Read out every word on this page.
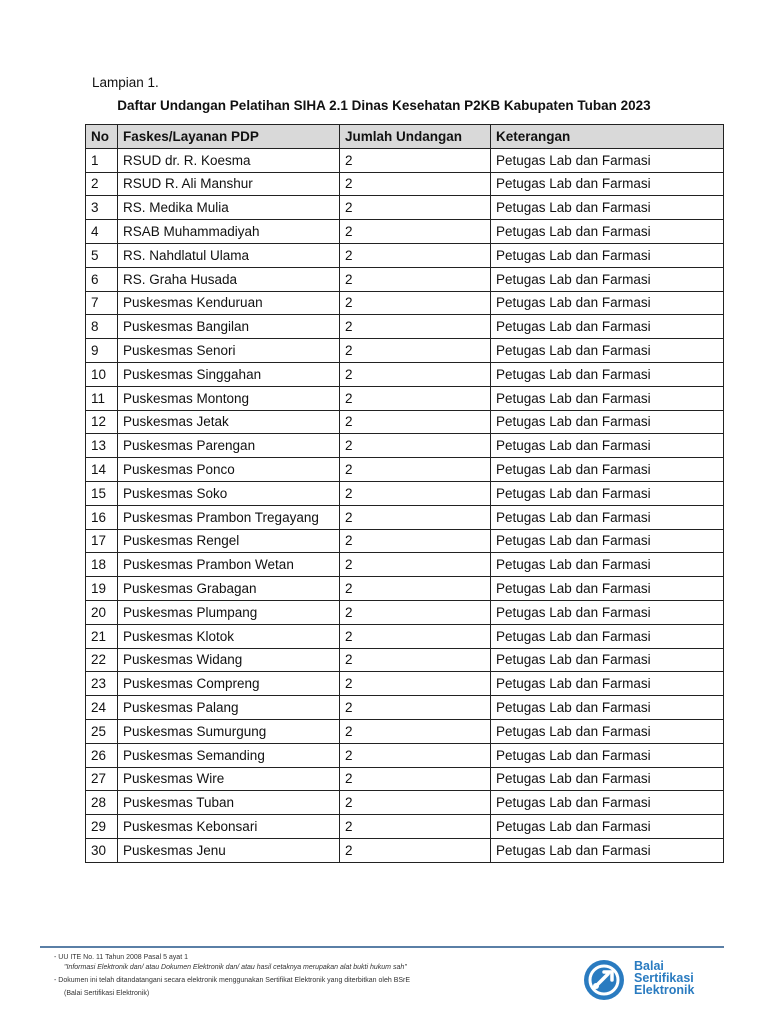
Lampian 1.
Daftar Undangan Pelatihan SIHA 2.1 Dinas Kesehatan P2KB Kabupaten Tuban 2023
No	Faskes/Layanan PDP	Jumlah Undangan	Keterangan
1	RSUD dr. R. Koesma	2	Petugas Lab dan Farmasi
2	RSUD R. Ali Manshur	2	Petugas Lab dan Farmasi
3	RS. Medika Mulia	2	Petugas Lab dan Farmasi
4	RSAB Muhammadiyah	2	Petugas Lab dan Farmasi
5	RS. Nahdlatul Ulama	2	Petugas Lab dan Farmasi
6	RS. Graha Husada	2	Petugas Lab dan Farmasi
7	Puskesmas Kenduruan	2	Petugas Lab dan Farmasi
8	Puskesmas Bangilan	2	Petugas Lab dan Farmasi
9	Puskesmas Senori	2	Petugas Lab dan Farmasi
10	Puskesmas Singgahan	2	Petugas Lab dan Farmasi
11	Puskesmas Montong	2	Petugas Lab dan Farmasi
12	Puskesmas Jetak	2	Petugas Lab dan Farmasi
13	Puskesmas Parengan	2	Petugas Lab dan Farmasi
14	Puskesmas Ponco	2	Petugas Lab dan Farmasi
15	Puskesmas Soko	2	Petugas Lab dan Farmasi
16	Puskesmas Prambon Tregayang	2	Petugas Lab dan Farmasi
17	Puskesmas Rengel	2	Petugas Lab dan Farmasi
18	Puskesmas Prambon Wetan	2	Petugas Lab dan Farmasi
19	Puskesmas Grabagan	2	Petugas Lab dan Farmasi
20	Puskesmas Plumpang	2	Petugas Lab dan Farmasi
21	Puskesmas Klotok	2	Petugas Lab dan Farmasi
22	Puskesmas Widang	2	Petugas Lab dan Farmasi
23	Puskesmas Compreng	2	Petugas Lab dan Farmasi
24	Puskesmas Palang	2	Petugas Lab dan Farmasi
25	Puskesmas Sumurgung	2	Petugas Lab dan Farmasi
26	Puskesmas Semanding	2	Petugas Lab dan Farmasi
27	Puskesmas Wire	2	Petugas Lab dan Farmasi
28	Puskesmas Tuban	2	Petugas Lab dan Farmasi
29	Puskesmas Kebonsari	2	Petugas Lab dan Farmasi
30	Puskesmas Jenu	2	Petugas Lab dan Farmasi
- UU ITE No. 11 Tahun 2008 Pasal 5 ayat 1
"Informasi Elektronik dan/ atau Dokumen Elektronik dan/ atau hasil cetaknya merupakan alat bukti hukum sah"
- Dokumen ini telah ditandatangani secara elektronik menggunakan Sertifikat Elektronik yang diterbitkan oleh BSrE
(Balai Sertifikasi Elektronik)
Balai
Sertifikasi
Elektronik
